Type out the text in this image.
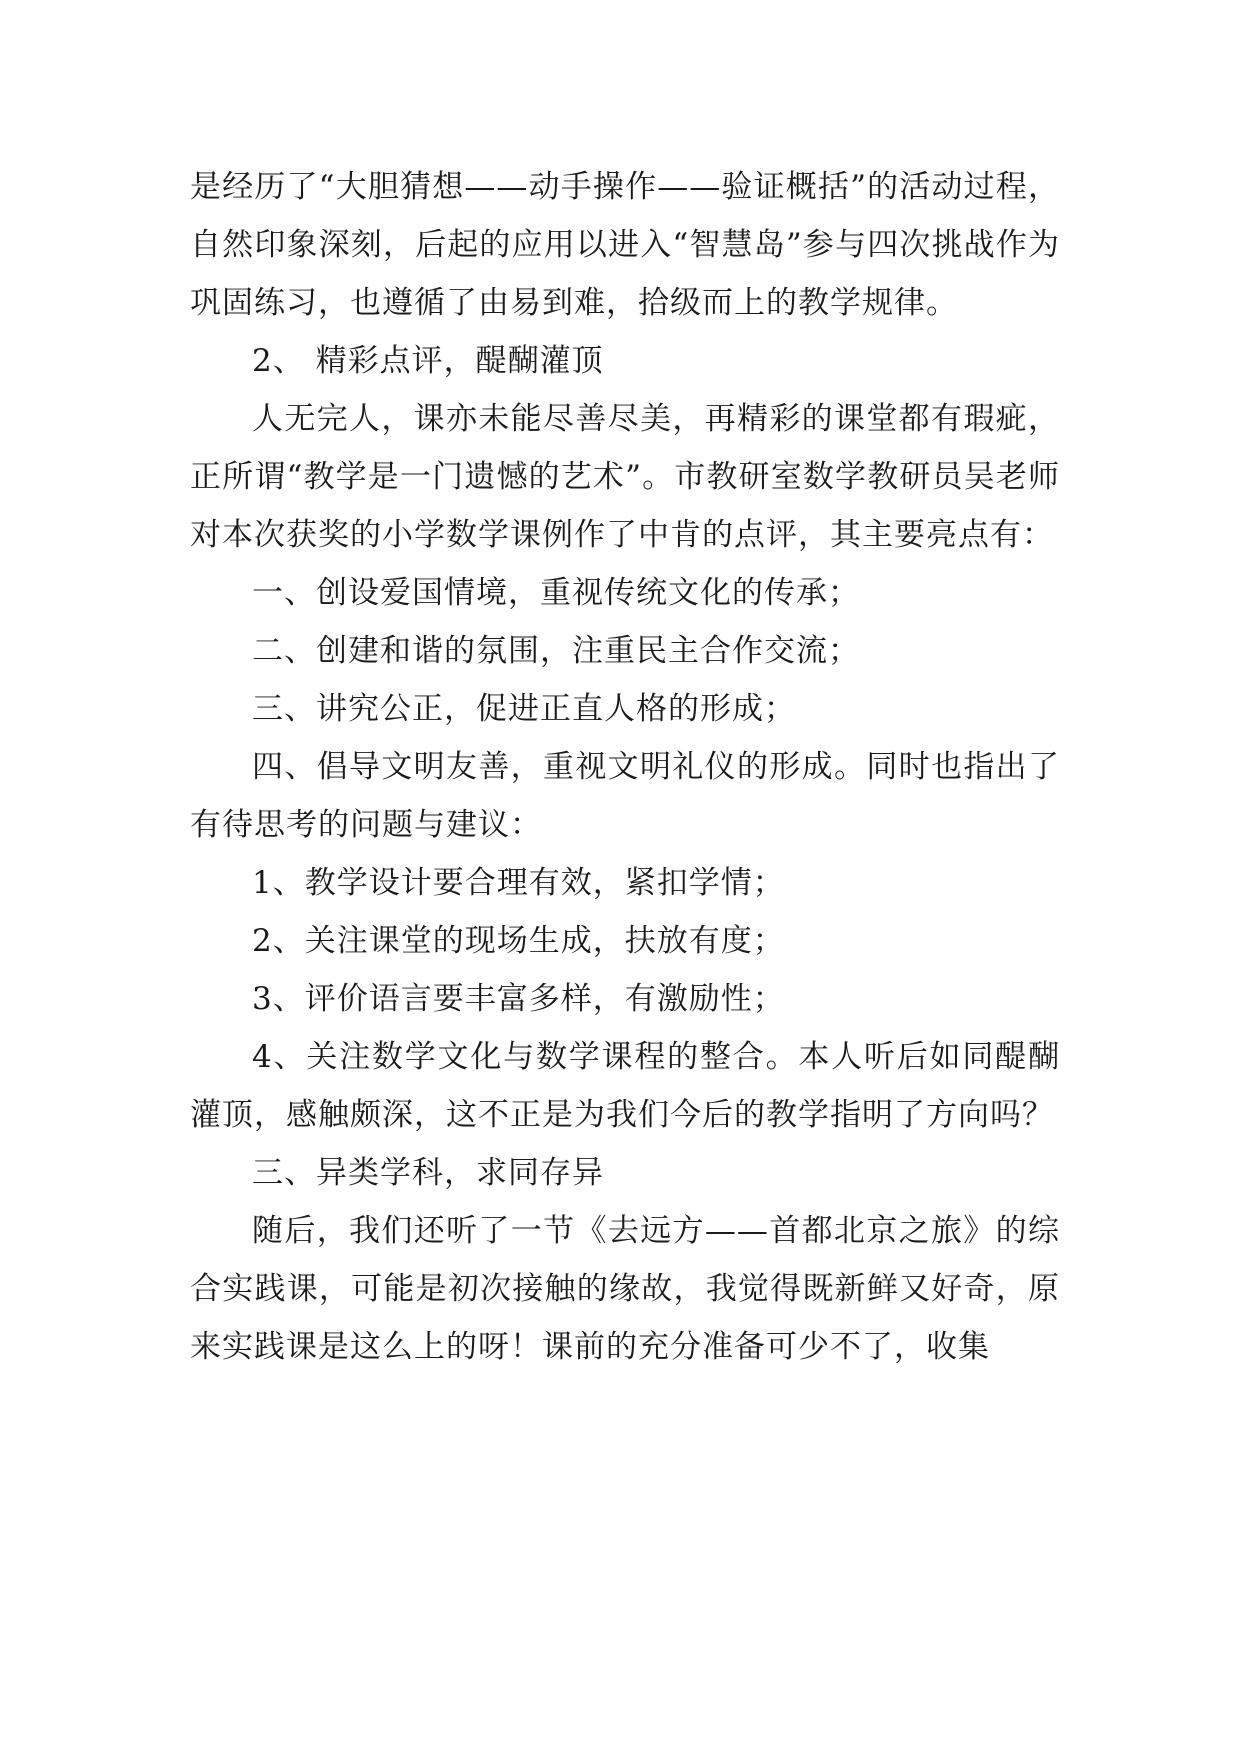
是经历了“大胆猜想——动手操作——验证概括”的活动过程，自然印象深刻，后起的应用以进入“智慧岛”参与四次挑战作为巩固练习，也遵循了由易到难，拾级而上的教学规律。

2、 精彩点评，醍醐灌顶

人无完人，课亦未能尽善尽美，再精彩的课堂都有瑕疵，正所谓“教学是一门遗憾的艺术”。市教研室数学教研员吴老师对本次获奖的小学数学课例作了中肯的点评，其主要亮点有：

一、创设爱国情境，重视传统文化的传承；

二、创建和谐的氛围，注重民主合作交流；

三、讲究公正，促进正直人格的形成；

四、倡导文明友善，重视文明礼仪的形成。同时也指出了有待思考的问题与建议：

1、教学设计要合理有效，紧扣学情；

2、关注课堂的现场生成，扶放有度；

3、评价语言要丰富多样，有激励性；

4、关注数学文化与数学课程的整合。本人听后如同醍醐灌顶，感触颇深，这不正是为我们今后的教学指明了方向吗？

三、异类学科，求同存异

随后，我们还听了一节《去远方——首都北京之旅》的综合实践课，可能是初次接触的缘故，我觉得既新鲜又好奇，原来实践课是这么上的呀！课前的充分准备可少不了，收集
